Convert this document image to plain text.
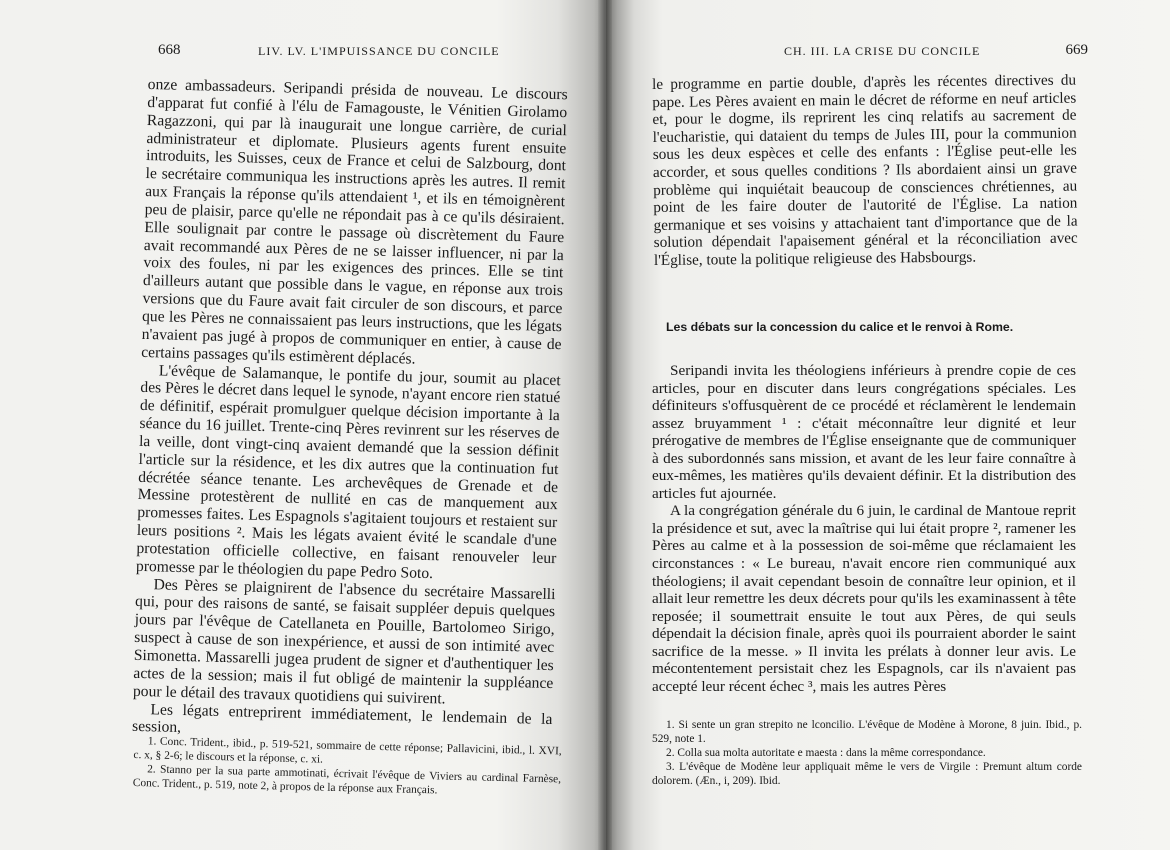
668	LIV. LV. L'IMPUISSANCE DU CONCILE

onze ambassadeurs. Seripandi présida de nouveau. Le discours d'apparat fut confié à l'élu de Famagouste, le Vénitien Girolamo Ragazzoni, qui par là inaugurait une longue carrière, de curial administrateur et diplomate. Plusieurs agents furent ensuite introduits, les Suisses, ceux de France et celui de Salzbourg, dont le secrétaire communiqua les instructions après les autres. Il remit aux Français la réponse qu'ils attendaient ¹, et ils en témoignèrent peu de plaisir, parce qu'elle ne répondait pas à ce qu'ils désiraient. Elle soulignait par contre le passage où discrètement du Faure avait recommandé aux Pères de ne se laisser influencer, ni par la voix des foules, ni par les exigences des princes. Elle se tint d'ailleurs autant que possible dans le vague, en réponse aux trois versions que du Faure avait fait circuler de son discours, et parce que les Pères ne connaissaient pas leurs instructions, que les légats n'avaient pas jugé à propos de communiquer en entier, à cause de certains passages qu'ils estimèrent déplacés.

L'évêque de Salamanque, le pontife du jour, soumit au placet des Pères le décret dans lequel le synode, n'ayant encore rien statué de définitif, espérait promulguer quelque décision importante à la séance du 16 juillet. Trente-cinq Pères revinrent sur les réserves de la veille, dont vingt-cinq avaient demandé que la session définit l'article sur la résidence, et les dix autres que la continuation fut décrétée séance tenante. Les archevêques de Grenade et de Messine protestèrent de nullité en cas de manquement aux promesses faites. Les Espagnols s'agitaient toujours et restaient sur leurs positions ². Mais les légats avaient évité le scandale d'une protestation officielle collective, en faisant renouveler leur promesse par le théologien du pape Pedro Soto.

Des Pères se plaignirent de l'absence du secrétaire Massarelli qui, pour des raisons de santé, se faisait suppléer depuis quelques jours par l'évêque de Catellaneta en Pouille, Bartolomeo Sirigo, suspect à cause de son inexpérience, et aussi de son intimité avec Simonetta. Massarelli jugea prudent de signer et d'authentiquer les actes de la session; mais il fut obligé de maintenir la suppléance pour le détail des travaux quotidiens qui suivirent.

Les légats entreprirent immédiatement, le lendemain de la session,

1. Conc. Trident., ibid., p. 519-521, sommaire de cette réponse; Pallavicini, ibid., l. XVI, c. x, § 2-6; le discours et la réponse, c. xi.

2. Stanno per la sua parte ammotinati, écrivait l'évêque de Viviers au cardinal Farnèse, Conc. Trident., p. 519, note 2, à propos de la réponse aux Français.

CH. III. LA CRISE DU CONCILE	669

le programme en partie double, d'après les récentes directives du pape. Les Pères avaient en main le décret de réforme en neuf articles et, pour le dogme, ils reprirent les cinq relatifs au sacrement de l'eucharistie, qui dataient du temps de Jules III, pour la communion sous les deux espèces et celle des enfants : l'Église peut-elle les accorder, et sous quelles conditions ? Ils abordaient ainsi un grave problème qui inquiétait beaucoup de consciences chrétiennes, au point de les faire douter de l'autorité de l'Église. La nation germanique et ses voisins y attachaient tant d'importance que de la solution dépendait l'apaisement général et la réconciliation avec l'Église, toute la politique religieuse des Habsbourgs.

Les débats sur la concession du calice et le renvoi à Rome.

Seripandi invita les théologiens inférieurs à prendre copie de ces articles, pour en discuter dans leurs congrégations spéciales. Les définiteurs s'offusquèrent de ce procédé et réclamèrent le lendemain assez bruyamment ¹ : c'était méconnaître leur dignité et leur prérogative de membres de l'Église enseignante que de communiquer à des subordonnés sans mission, et avant de les leur faire connaître à eux-mêmes, les matières qu'ils devaient définir. Et la distribution des articles fut ajournée.

A la congrégation générale du 6 juin, le cardinal de Mantoue reprit la présidence et sut, avec la maîtrise qui lui était propre ², ramener les Pères au calme et à la possession de soi-même que réclamaient les circonstances : « Le bureau, n'avait encore rien communiqué aux théologiens; il avait cependant besoin de connaître leur opinion, et il allait leur remettre les deux décrets pour qu'ils les examinassent à tête reposée; il soumettrait ensuite le tout aux Pères, de qui seuls dépendait la décision finale, après quoi ils pourraient aborder le saint sacrifice de la messe. » Il invita les prélats à donner leur avis. Le mécontentement persistait chez les Espagnols, car ils n'avaient pas accepté leur récent échec ³, mais les autres Pères

1. Si sente un gran strepito ne lconcilio. L'évêque de Modène à Morone, 8 juin. Ibid., p. 529, note 1.

2. Colla sua molta autoritate e maesta : dans la même correspondance.

3. L'évêque de Modène leur appliquait même le vers de Virgile : Premunt altum corde dolorem. (Æn., i, 209). Ibid.
